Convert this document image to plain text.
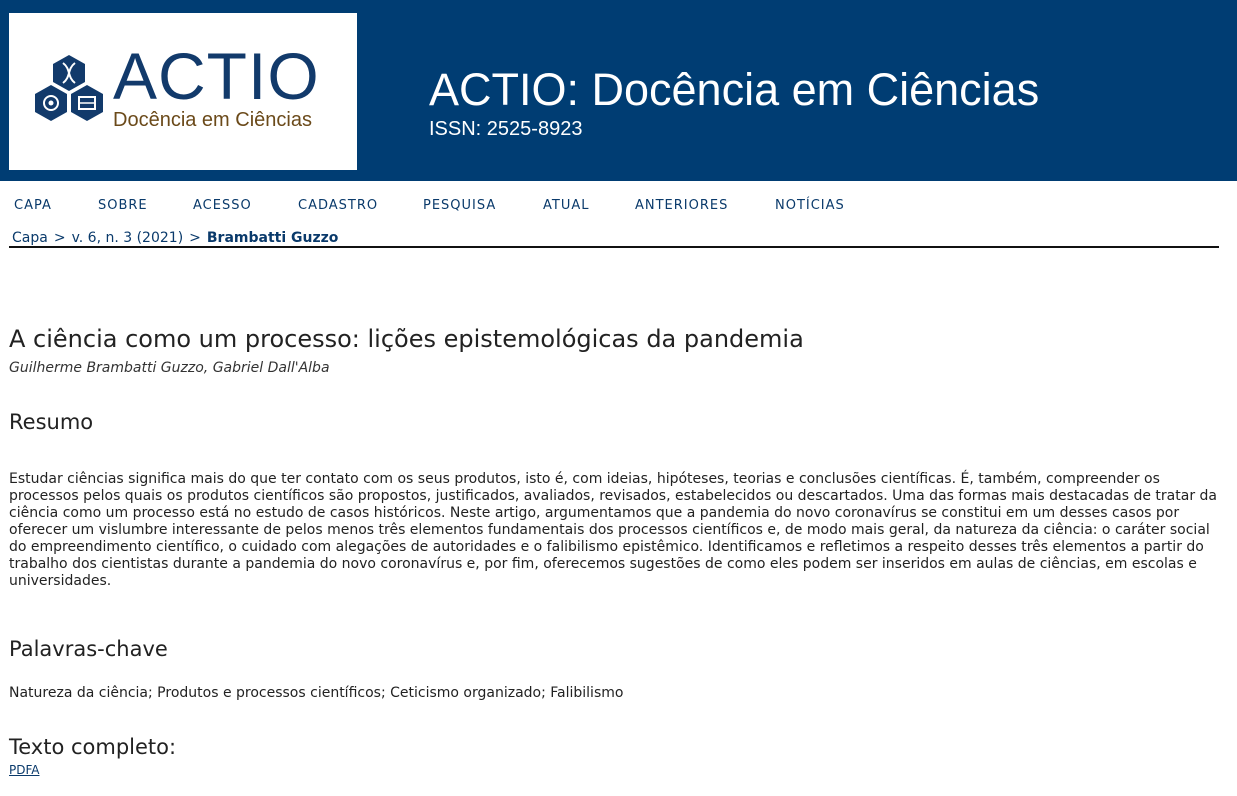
ACTIO
Docência em Ciências
ACTIO: Docência em Ciências
ISSN: 2525-8923
CAPA	SOBRE	ACESSO	CADASTRO	PESQUISA	ATUAL	ANTERIORES	NOTÍCIAS
Capa > v. 6, n. 3 (2021) > Brambatti Guzzo
A ciência como um processo: lições epistemológicas da pandemia
Guilherme Brambatti Guzzo, Gabriel Dall'Alba
Resumo

Estudar ciências significa mais do que ter contato com os seus produtos, isto é, com ideias, hipóteses, teorias e conclusões científicas. É, também, compreender os processos pelos quais os produtos científicos são propostos, justificados, avaliados, revisados, estabelecidos ou descartados. Uma das formas mais destacadas de tratar da ciência como um processo está no estudo de casos históricos. Neste artigo, argumentamos que a pandemia do novo coronavírus se constitui em um desses casos por oferecer um vislumbre interessante de pelos menos três elementos fundamentais dos processos científicos e, de modo mais geral, da natureza da ciência: o caráter social do empreendimento científico, o cuidado com alegações de autoridades e o falibilismo epistêmico. Identificamos e refletimos a respeito desses três elementos a partir do trabalho dos cientistas durante a pandemia do novo coronavírus e, por fim, oferecemos sugestões de como eles podem ser inseridos em aulas de ciências, em escolas e universidades.

Palavras-chave
Natureza da ciência; Produtos e processos científicos; Ceticismo organizado; Falibilismo
Texto completo:
PDFA
